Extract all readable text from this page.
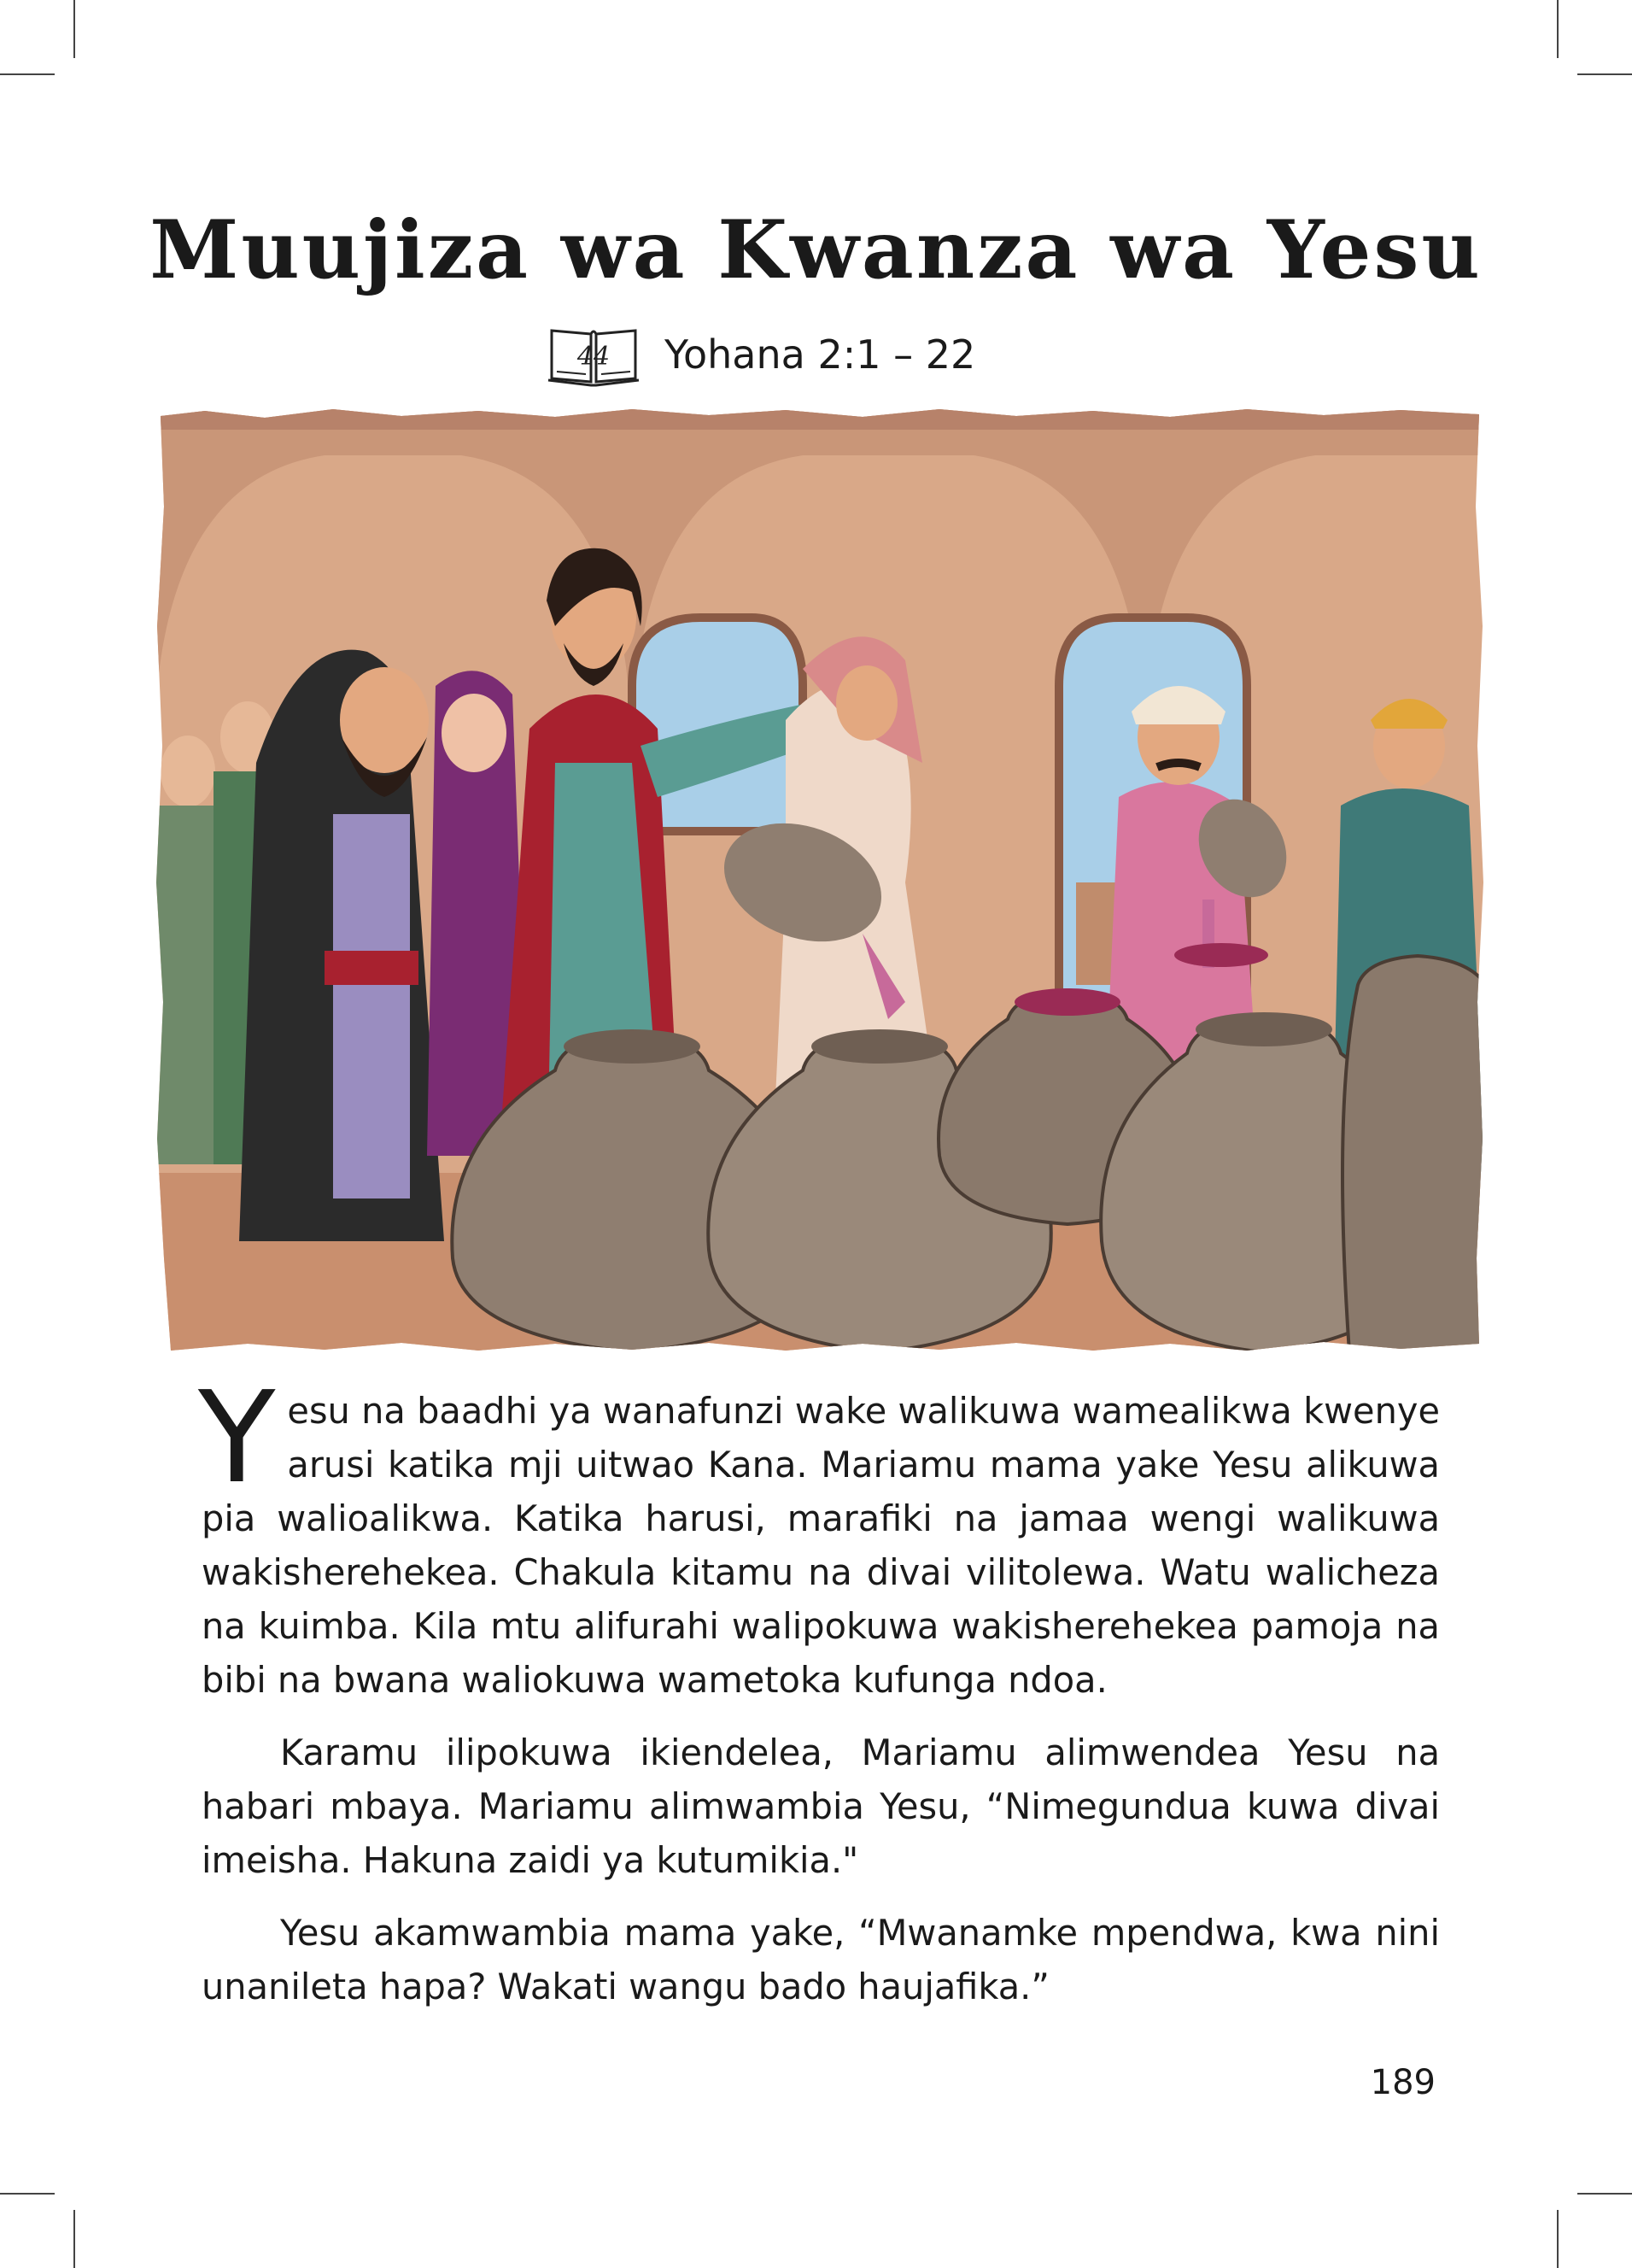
Muujiza wa Kwanza wa Yesu
44 Yohana 2:1 – 22

Yesu na baadhi ya wanafunzi wake walikuwa wamealikwa kwenye arusi katika mji uitwao Kana. Mariamu mama yake Yesu alikuwa pia walioalikwa. Katika harusi, marafiki na jamaa wengi walikuwa wakisherehekea. Chakula kitamu na divai vilitolewa. Watu walicheza na kuimba. Kila mtu alifurahi walipokuwa wakisherehekea pamoja na bibi na bwana waliokuwa wametoka kufunga ndoa.

Karamu ilipokuwa ikiendelea, Mariamu alimwendea Yesu na habari mbaya. Mariamu alimwambia Yesu, “Nimegundua kuwa divai imeisha. Hakuna zaidi ya kutumikia."

Yesu akamwambia mama yake, “Mwanamke mpendwa, kwa nini unanileta hapa? Wakati wangu bado haujafika.”

189
